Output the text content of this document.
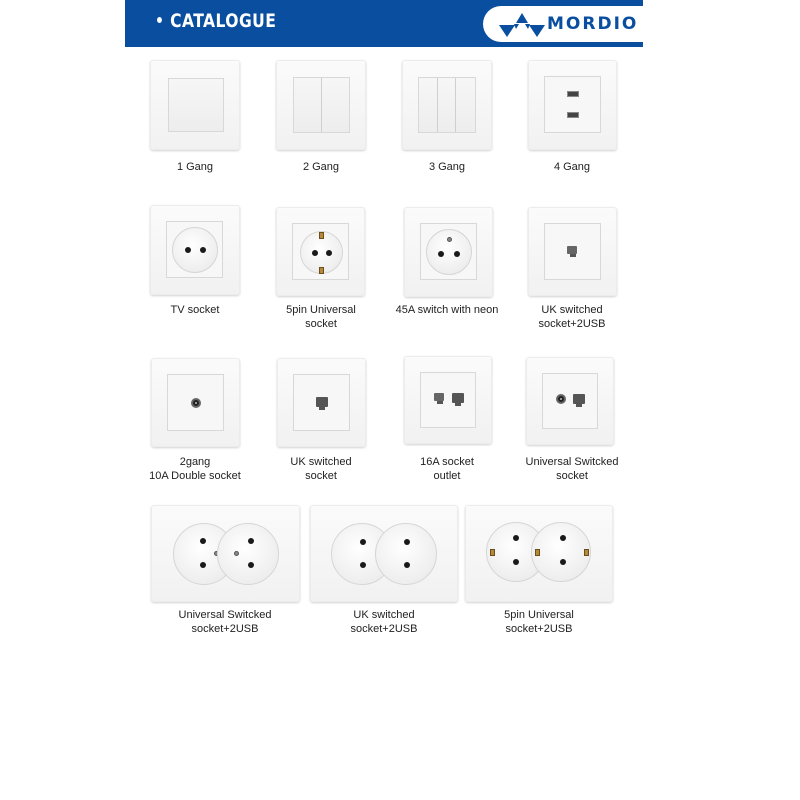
CATALOGUE	MORDIO
1 Gang	2 Gang	3 Gang	4 Gang
TV socket	5pin Universal
socket
45A switch with neon	UK switched
socket+2USB
2gang
10A Double socket
UK switched
socket
16A socket
outlet
Universal Switcked
socket
Universal Switcked
socket+2USB
UK switched
socket+2USB
5pin Universal
socket+2USB
